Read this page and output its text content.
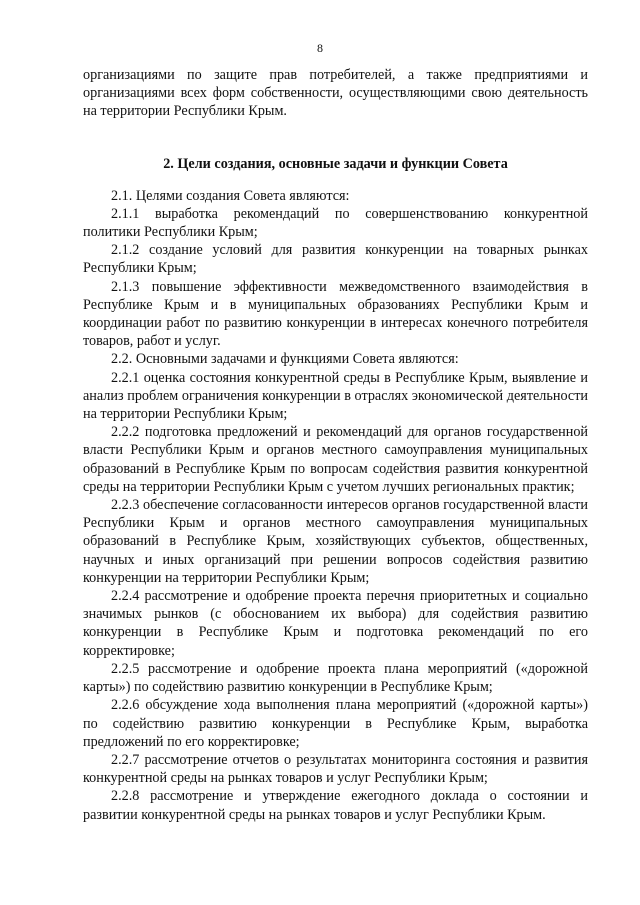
8

организациями по защите прав потребителей, а также предприятиями и организациями всех форм собственности, осуществляющими свою деятельность на территории Республики Крым.

2. Цели создания, основные задачи и функции Совета

2.1. Целями создания Совета являются:

2.1.1 выработка рекомендаций по совершенствованию конкурентной политики Республики Крым;

2.1.2 создание условий для развития конкуренции на товарных рынках Республики Крым;

2.1.3 повышение эффективности межведомственного взаимодействия в Республике Крым и в муниципальных образованиях Республики Крым и координации работ по развитию конкуренции в интересах конечного потребителя товаров, работ и услуг.

2.2. Основными задачами и функциями Совета являются:

2.2.1 оценка состояния конкурентной среды в Республике Крым, выявление и анализ проблем ограничения конкуренции в отраслях экономической деятельности на территории Республики Крым;

2.2.2 подготовка предложений и рекомендаций для органов государственной власти Республики Крым и органов местного самоуправления муниципальных образований в Республике Крым по вопросам содействия развития конкурентной среды на территории Республики Крым с учетом лучших региональных практик;

2.2.3 обеспечение согласованности интересов органов государственной власти Республики Крым и органов местного самоуправления муниципальных образований в Республике Крым, хозяйствующих субъектов, общественных, научных и иных организаций при решении вопросов содействия развитию конкуренции на территории Республики Крым;

2.2.4 рассмотрение и одобрение проекта перечня приоритетных и социально значимых рынков (с обоснованием их выбора) для содействия развитию конкуренции в Республике Крым и подготовка рекомендаций по его корректировке;

2.2.5 рассмотрение и одобрение проекта плана мероприятий («дорожной карты») по содействию развитию конкуренции в Республике Крым;

2.2.6 обсуждение хода выполнения плана мероприятий («дорожной карты») по содействию развитию конкуренции в Республике Крым, выработка предложений по его корректировке;

2.2.7 рассмотрение отчетов о результатах мониторинга состояния и развития конкурентной среды на рынках товаров и услуг Республики Крым;

2.2.8 рассмотрение и утверждение ежегодного доклада о состоянии и развитии конкурентной среды на рынках товаров и услуг Республики Крым.
